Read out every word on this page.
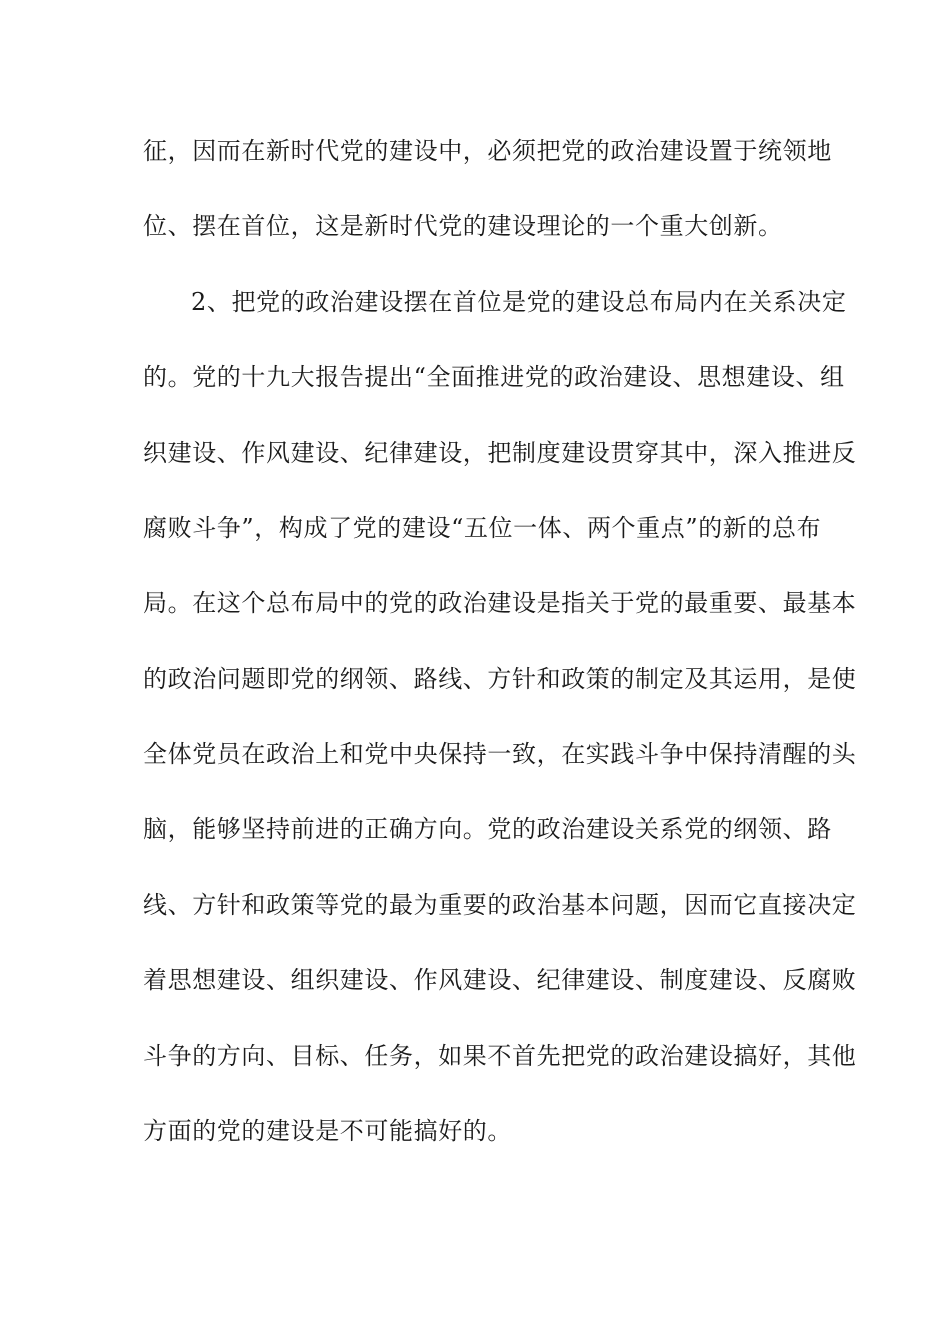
征，因而在新时代党的建设中，必须把党的政治建设置于统领地
位、摆在首位，这是新时代党的建设理论的一个重大创新。
2、把党的政治建设摆在首位是党的建设总布局内在关系决定
的。党的十九大报告提出“全面推进党的政治建设、思想建设、组
织建设、作风建设、纪律建设，把制度建设贯穿其中，深入推进反
腐败斗争”，构成了党的建设“五位一体、两个重点”的新的总布
局。在这个总布局中的党的政治建设是指关于党的最重要、最基本
的政治问题即党的纲领、路线、方针和政策的制定及其运用，是使
全体党员在政治上和党中央保持一致，在实践斗争中保持清醒的头
脑，能够坚持前进的正确方向。党的政治建设关系党的纲领、路
线、方针和政策等党的最为重要的政治基本问题，因而它直接决定
着思想建设、组织建设、作风建设、纪律建设、制度建设、反腐败
斗争的方向、目标、任务，如果不首先把党的政治建设搞好，其他
方面的党的建设是不可能搞好的。
